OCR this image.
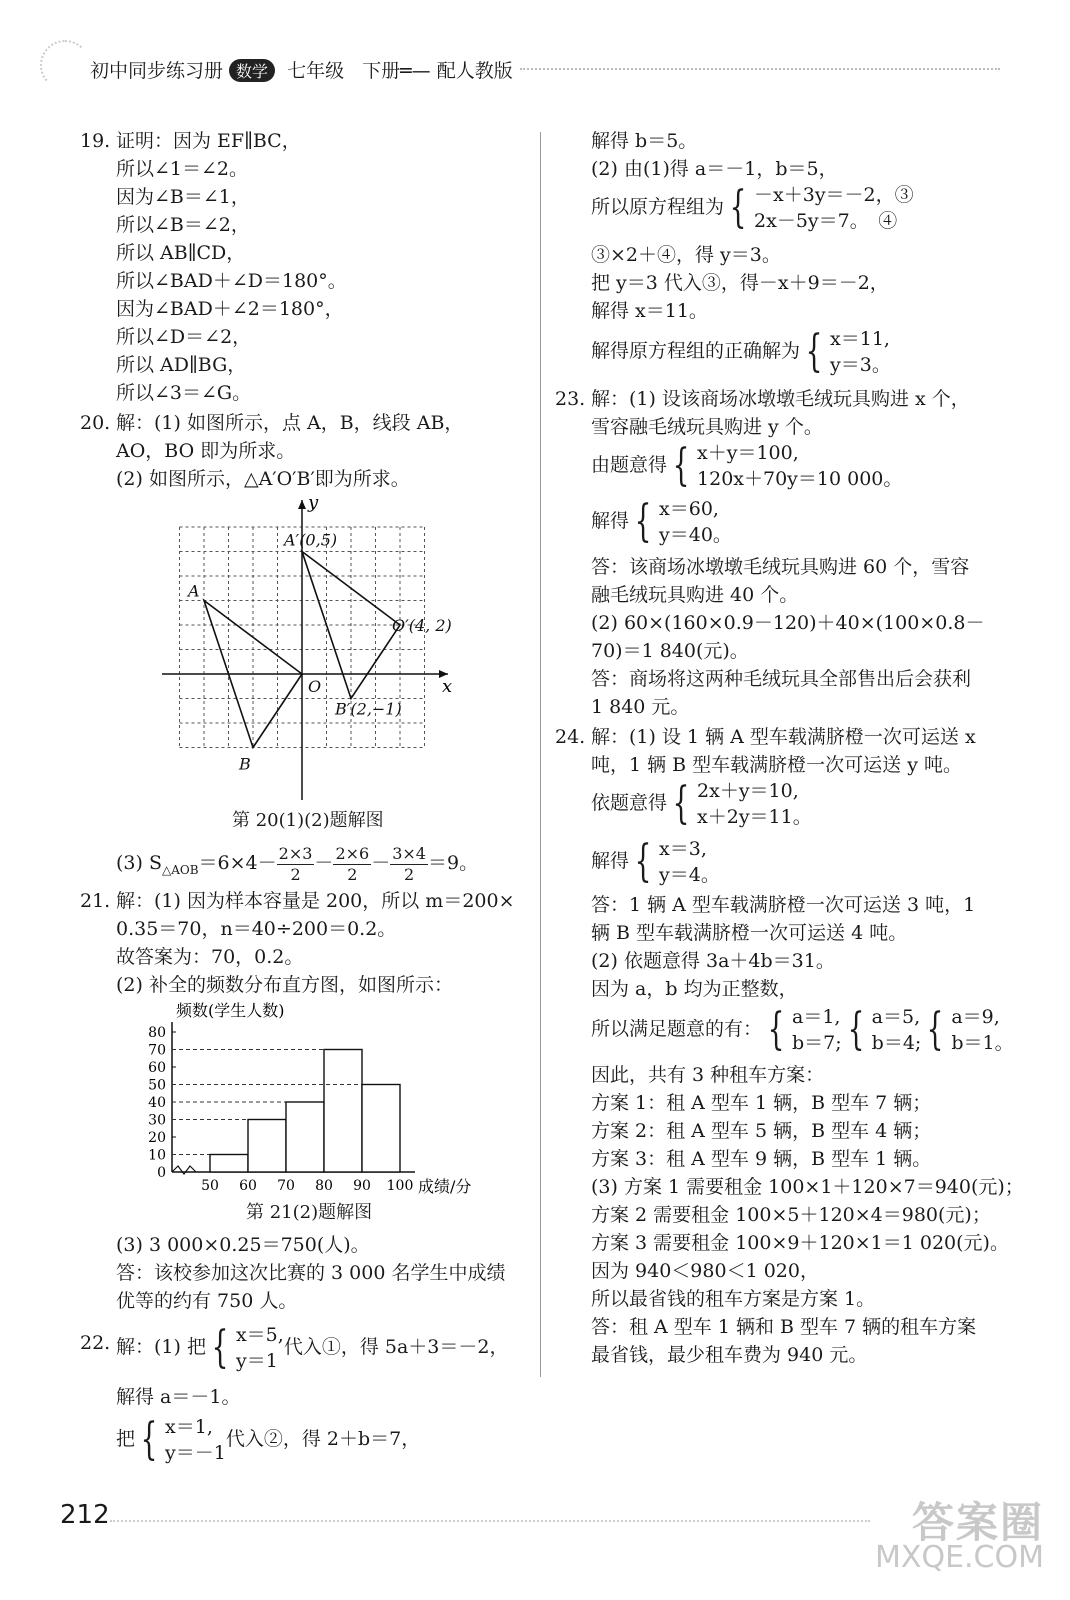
初中同步练习册 数学 七年级 下册═— 配人教版
19. 证明：因为 EF∥BC，
所以∠1＝∠2。
因为∠B＝∠1，
所以∠B＝∠2，
所以 AB∥CD，
所以∠BAD＋∠D＝180°。
因为∠BAD＋∠2＝180°，
所以∠D＝∠2，
所以 AD∥BG，
所以∠3＝∠G。
20. 解：(1) 如图所示，点 A，B，线段 AB，
AO，BO 即为所求。
(2) 如图所示，△A′O′B′即为所求。
x
y
A
B
O
A′(0,5)
O′(4, 2)
B′(2,−1)
第 20(1)(2)题解图
(3) $S_{\triangle AOB}=6\times 4- \frac{2\times 3}{2} - \frac{2\times 6}{2} - \frac{3\times 4}{2} =9$。
21. 解：(1) 因为样本容量是 200，所以 m＝200×
0.35＝70，n＝40÷200＝0.2。
故答案为：70，0.2。
(2) 补全的频数分布直方图，如图所示：
频数(学生人数)
0
10
20
30
40
50
60
70
80
50 60 70 80 90 100 成绩/分
第 21(2)题解图
(3) 3 000×0.25＝750(人)。
答：该校参加这次比赛的 3 000 名学生中成绩
优等的约有 750 人。
22. 解：(1) 把 { x＝5,
y＝1
代入①，得 5a＋3＝－2，
解得 a＝－1。
把 { x＝1,
y＝－1
代入②，得 2＋b＝7，
解得 b＝5。
(2) 由(1)得 a＝－1，b＝5，
所以原方程组为 { －x＋3y＝－2，③
2x－5y＝7。　④
③×2＋④，得 y＝3。
把 y＝3 代入③，得－x＋9＝－2，
解得 x＝11。
解得原方程组的正确解为 { x＝11,
y＝3。
23. 解：(1) 设该商场冰墩墩毛绒玩具购进 x 个，
雪容融毛绒玩具购进 y 个。
由题意得 { x＋y＝100,
120x＋70y＝10 000。
解得 { x＝60,
y＝40。
答：该商场冰墩墩毛绒玩具购进 60 个，雪容
融毛绒玩具购进 40 个。
(2) 60×(160×0.9－120)＋40×(100×0.8－
70)＝1 840(元)。
答：商场将这两种毛绒玩具全部售出后会获利
1 840 元。
24. 解：(1) 设 1 辆 A 型车载满脐橙一次可运送 x
吨，1 辆 B 型车载满脐橙一次可运送 y 吨。
依题意得 { 2x＋y＝10,
x＋2y＝11。
解得 { x＝3,
y＝4。
答：1 辆 A 型车载满脐橙一次可运送 3 吨，1
辆 B 型车载满脐橙一次可运送 4 吨。
(2) 依题意得 3a＋4b＝31。
因为 a，b 均为正整数，
所以满足题意的有： { a＝1,
b＝7; { a＝5,
b＝4; { a＝9,
b＝1。
因此，共有 3 种租车方案：
方案 1：租 A 型车 1 辆，B 型车 7 辆；
方案 2：租 A 型车 5 辆，B 型车 4 辆；
方案 3：租 A 型车 9 辆，B 型车 1 辆。
(3) 方案 1 需要租金 100×1＋120×7＝940(元)；
方案 2 需要租金 100×5＋120×4＝980(元)；
方案 3 需要租金 100×9＋120×1＝1 020(元)。
因为 940＜980＜1 020，
所以最省钱的租车方案是方案 1。
答：租 A 型车 1 辆和 B 型车 7 辆的租车方案
最省钱，最少租车费为 940 元。
212	答案圈
MXQE.COM
